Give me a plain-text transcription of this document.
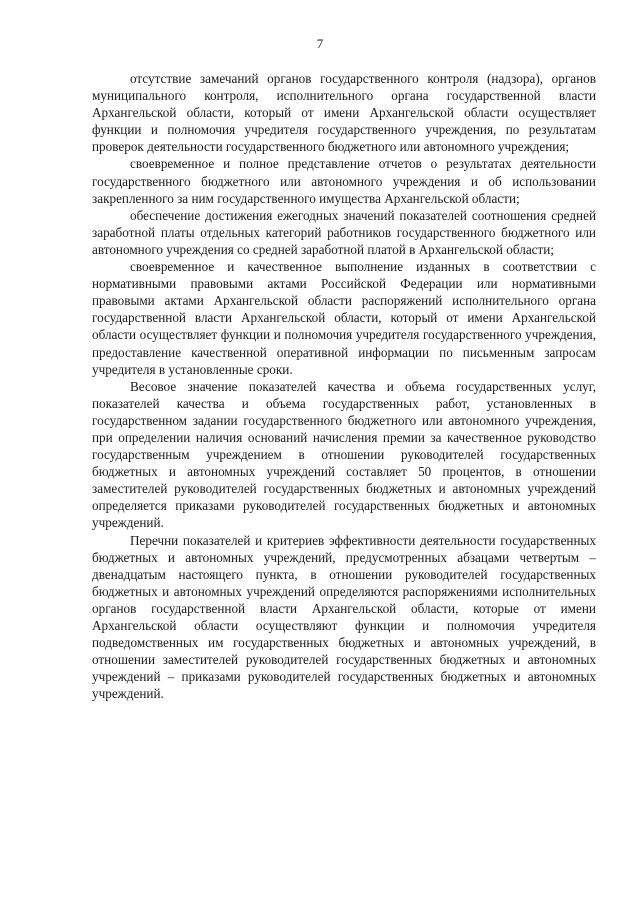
7

отсутствие замечаний органов государственного контроля (надзора), органов муниципального контроля, исполнительного органа государственной власти Архангельской области, который от имени Архангельской области осуществляет функции и полномочия учредителя государственного учреждения, по результатам проверок деятельности государственного бюджетного или автономного учреждения;

своевременное и полное представление отчетов о результатах деятельности государственного бюджетного или автономного учреждения и об использовании закрепленного за ним государственного имущества Архангельской области;

обеспечение достижения ежегодных значений показателей соотношения средней заработной платы отдельных категорий работников государственного бюджетного или автономного учреждения со средней заработной платой в Архангельской области;

своевременное и качественное выполнение изданных в соответствии с нормативными правовыми актами Российской Федерации или нормативными правовыми актами Архангельской области распоряжений исполнительного органа государственной власти Архангельской области, который от имени Архангельской области осуществляет функции и полномочия учредителя государственного учреждения, предоставление качественной оперативной информации по письменным запросам учредителя в установленные сроки.

Весовое значение показателей качества и объема государственных услуг, показателей качества и объема государственных работ, установленных в государственном задании государственного бюджетного или автономного учреждения, при определении наличия оснований начисления премии за качественное руководство государственным учреждением в отношении руководителей государственных бюджетных и автономных учреждений составляет 50 процентов, в отношении заместителей руководителей государственных бюджетных и автономных учреждений определяется приказами руководителей государственных бюджетных и автономных учреждений.

Перечни показателей и критериев эффективности деятельности государственных бюджетных и автономных учреждений, предусмотренных абзацами четвертым – двенадцатым настоящего пункта, в отношении руководителей государственных бюджетных и автономных учреждений определяются распоряжениями исполнительных органов государственной власти Архангельской области, которые от имени Архангельской области осуществляют функции и полномочия учредителя подведомственных им государственных бюджетных и автономных учреждений, в отношении заместителей руководителей государственных бюджетных и автономных учреждений – приказами руководителей государственных бюджетных и автономных учреждений.
